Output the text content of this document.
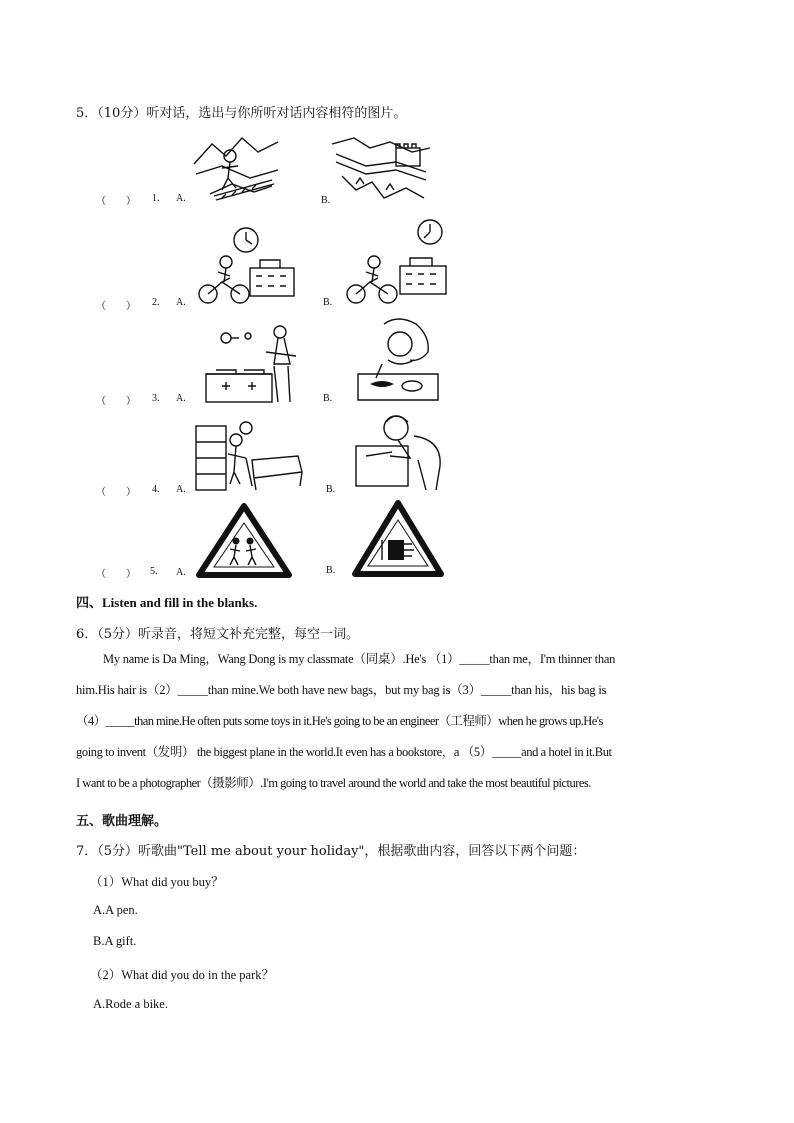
5．（10分）听对话，选出与你所听对话内容相符的图片。
（　　） 1. A.	B.
（　　） 2. A.	B.
（　　） 3. A.	B.
（　　） 4. A.	B.
（　　） 5. A.	B.
四、Listen and fill in the blanks.
6．（5分）听录音，将短文补充完整，每空一词。
My name is Da Ming，Wang Dong is my classmate（同桌）.He's （1）_____than me，I'm thinner than
him.His hair is（2）_____than mine.We both have new bags，but my bag is（3）_____than his，his bag is
（4）_____than mine.He often puts some toys in it.He's going to be an engineer（工程师）when he grows up.He's
going to invent（发明） the biggest plane in the world.It even has a bookstore，a （5）_____and a hotel in it.But
I want to be a photographer（摄影师）.I'm going to travel around the world and take the most beautiful pictures.
五、歌曲理解。
7．（5分）听歌曲"Tell me about your holiday"，根据歌曲内容，回答以下两个问题：
（1）What did you buy？
A.A pen.
B.A gift.
（2）What did you do in the park？
A.Rode a bike.
